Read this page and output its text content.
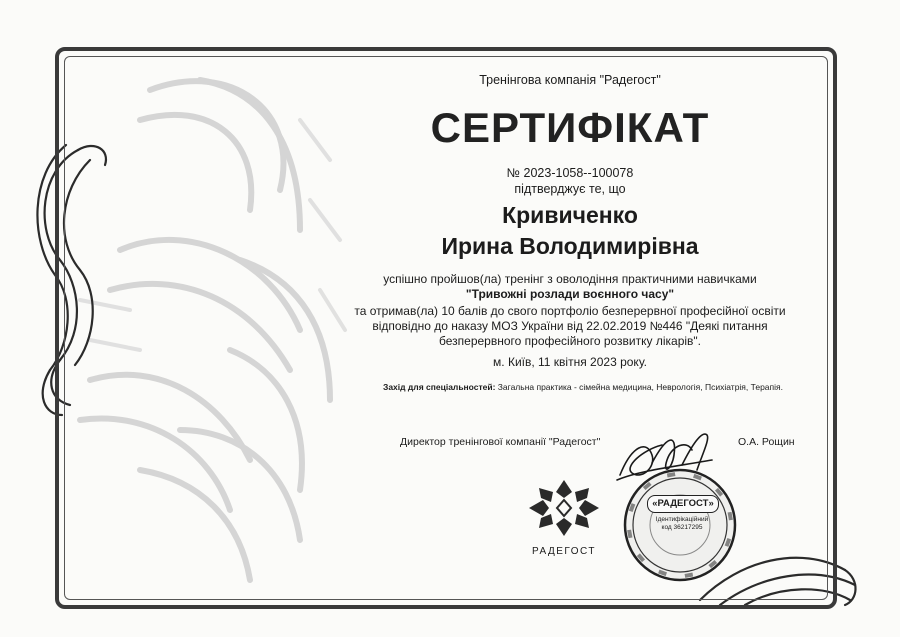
Тренінгова компанія "Радегост"
СЕРТИФІКАТ
№ 2023-1058--100078
підтверджує те, що
Кривиченко
Ирина Володимирівна
успішно пройшов(ла) тренінг з оволодіння практичними навичками
"Тривожні розлади воєнного часу"
та отримав(ла) 10 балів до свого портфоліо безперервної професійної освіти
відповідно до наказу МОЗ України від 22.02.2019 №446 "Деякі питання
безперервного професійного розвитку лікарів".
м. Київ, 11 квітня 2023 року.
Захід для спеціальностей: Загальна практика - сімейна медицина, Неврологія, Психіатрія, Терапія.
Директор тренінгової компанії "Радегост"	О.А. Рощин
РАДЕГОСТ
«РАДЕГОСТ»
Ідентифікаційний
код 36217295
